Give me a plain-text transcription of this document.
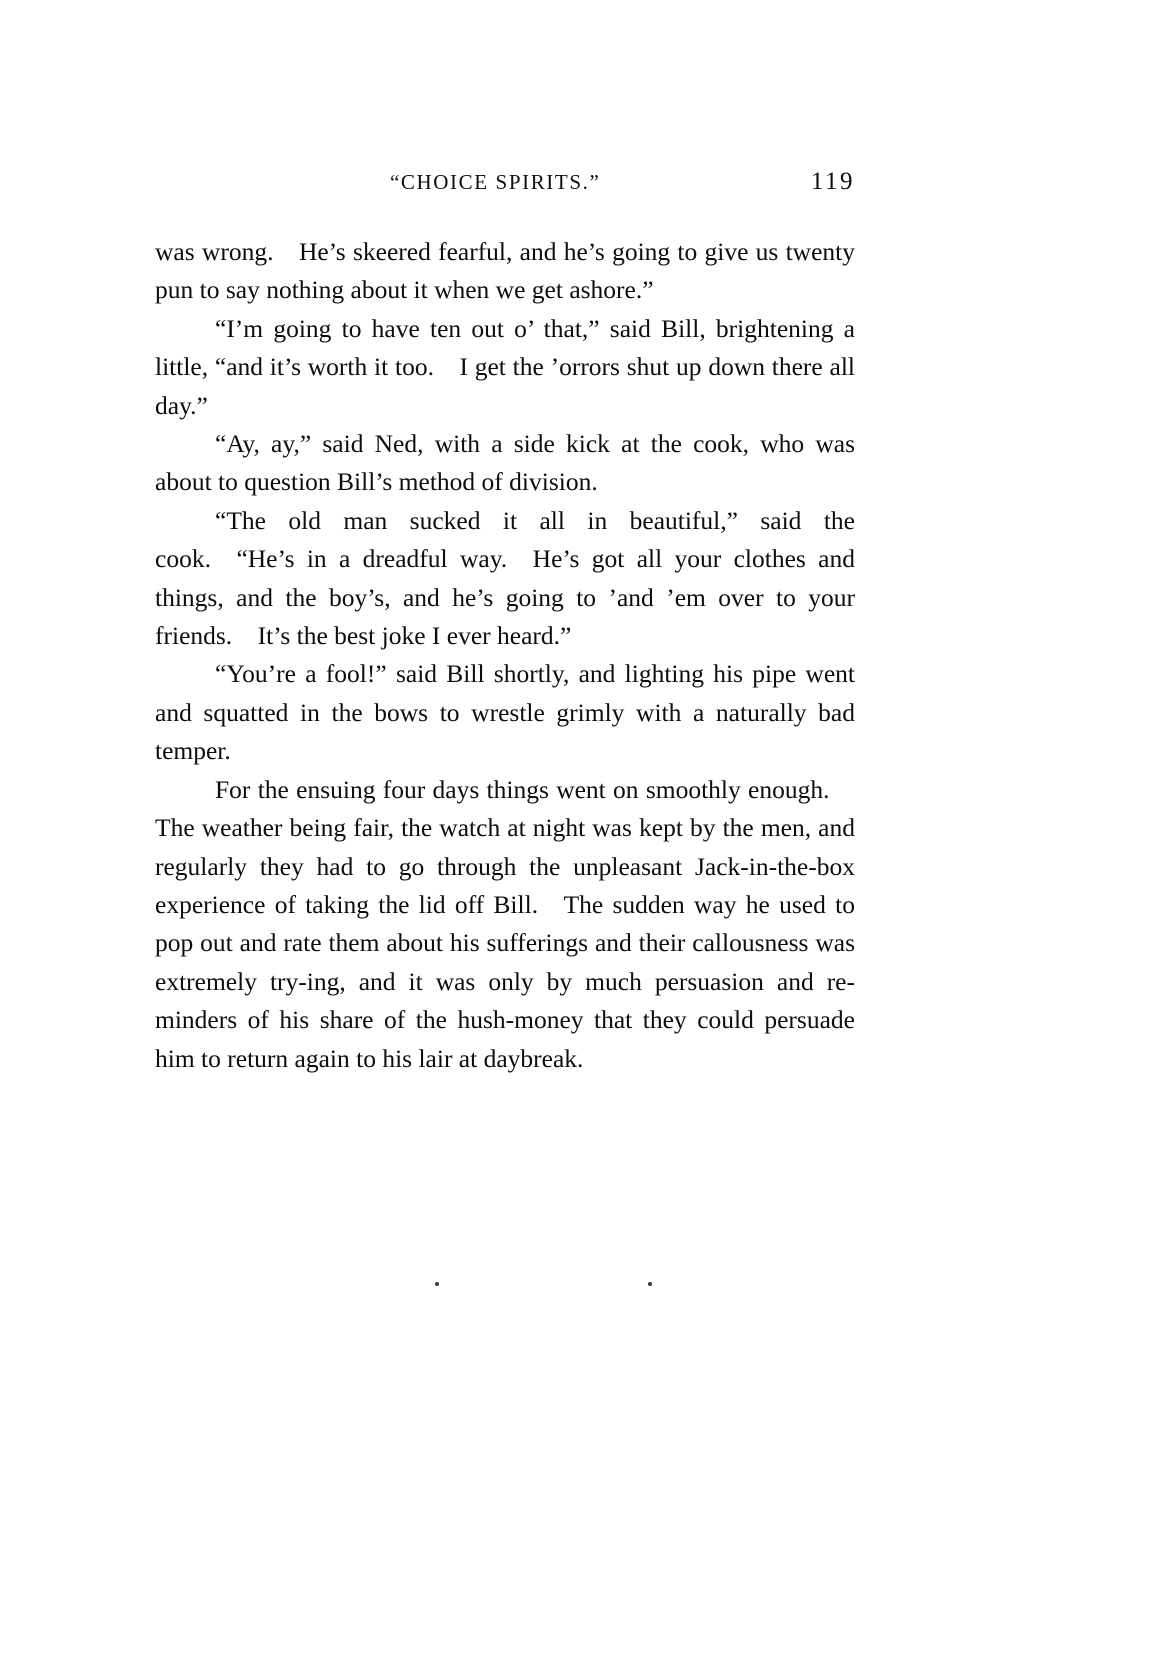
“CHOICE SPIRITS.”	119

was wrong. He’s skeered fearful, and he’s going to give us twenty pun to say nothing about it when we get ashore.”

“I’m going to have ten out o’ that,” said Bill, brightening a little, “and it’s worth it too. I get the ’orrors shut up down there all day.”

“Ay, ay,” said Ned, with a side kick at the cook, who was about to question Bill’s method of division.

“The old man sucked it all in beautiful,” said the cook. “He’s in a dreadful way. He’s got all your clothes and things, and the boy’s, and he’s going to ’and ’em over to your friends. It’s the best joke I ever heard.”

“You’re a fool!” said Bill shortly, and lighting his pipe went and squatted in the bows to wrestle grimly with a naturally bad temper.

For the ensuing four days things went on smoothly enough. The weather being fair, the watch at night was kept by the men, and regularly they had to go through the unpleasant Jack-in-the-box experience of taking the lid off Bill. The sudden way he used to pop out and rate them about his sufferings and their callousness was extremely try-ing, and it was only by much persuasion and re-minders of his share of the hush-money that they could persuade him to return again to his lair at daybreak.
